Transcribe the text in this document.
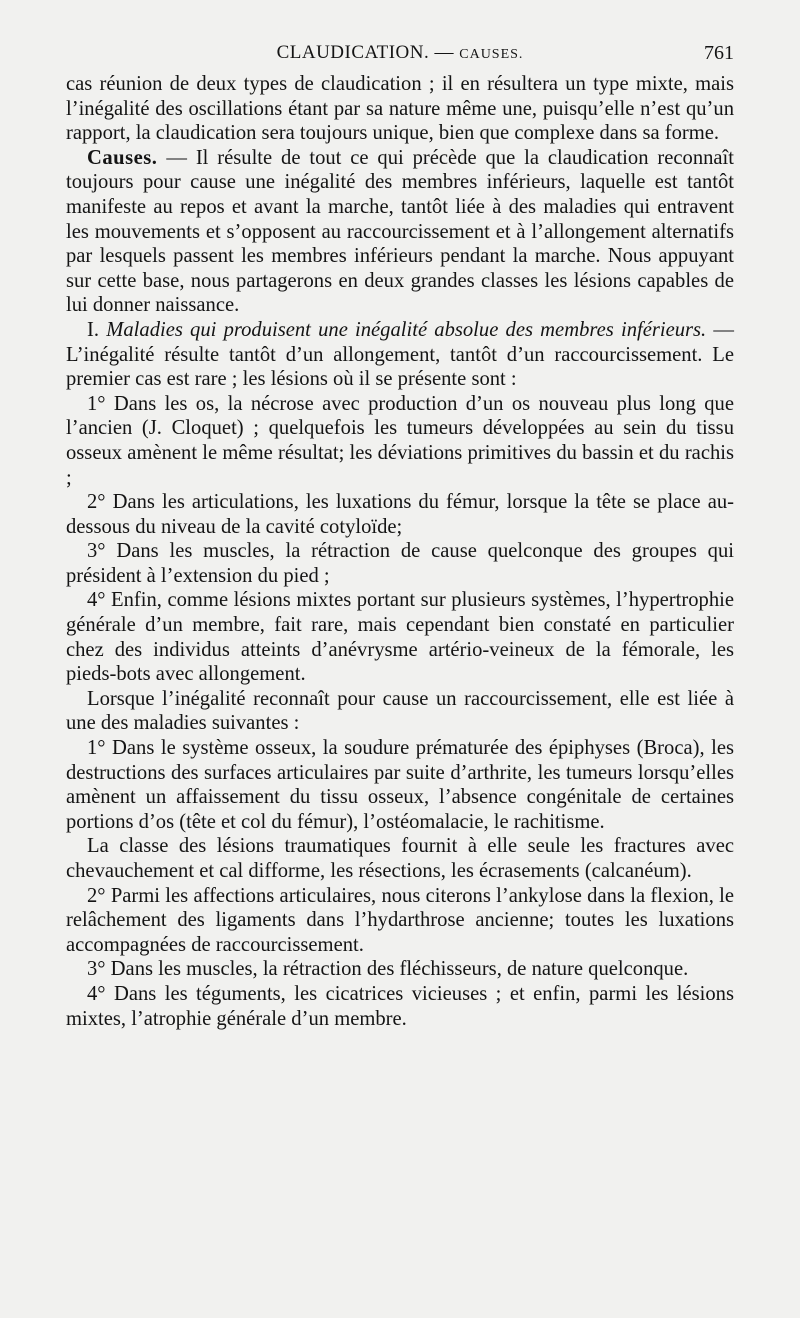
CLAUDICATION. — CAUSES.	761

cas réunion de deux types de claudication ; il en résultera un type mixte, mais l’inégalité des oscillations étant par sa nature même une, puisqu’elle n’est qu’un rapport, la claudication sera toujours unique, bien que complexe dans sa forme.

Causes. — Il résulte de tout ce qui précède que la claudication reconnaît toujours pour cause une inégalité des membres inférieurs, laquelle est tantôt manifeste au repos et avant la marche, tantôt liée à des maladies qui entravent les mouvements et s’opposent au raccourcissement et à l’allongement alternatifs par lesquels passent les membres inférieurs pendant la marche. Nous appuyant sur cette base, nous partagerons en deux grandes classes les lésions capables de lui donner naissance.

I. Maladies qui produisent une inégalité absolue des membres inférieurs. — L’inégalité résulte tantôt d’un allongement, tantôt d’un raccourcissement. Le premier cas est rare ; les lésions où il se présente sont :

1° Dans les os, la nécrose avec production d’un os nouveau plus long que l’ancien (J. Cloquet) ; quelquefois les tumeurs développées au sein du tissu osseux amènent le même résultat; les déviations primitives du bassin et du rachis ;

2° Dans les articulations, les luxations du fémur, lorsque la tête se place au-dessous du niveau de la cavité cotyloïde;

3° Dans les muscles, la rétraction de cause quelconque des groupes qui président à l’extension du pied ;

4° Enfin, comme lésions mixtes portant sur plusieurs systèmes, l’hypertrophie générale d’un membre, fait rare, mais cependant bien constaté en particulier chez des individus atteints d’anévrysme artério-veineux de la fémorale, les pieds-bots avec allongement.

Lorsque l’inégalité reconnaît pour cause un raccourcissement, elle est liée à une des maladies suivantes :

1° Dans le système osseux, la soudure prématurée des épiphyses (Broca), les destructions des surfaces articulaires par suite d’arthrite, les tumeurs lorsqu’elles amènent un affaissement du tissu osseux, l’absence congénitale de certaines portions d’os (tête et col du fémur), l’ostéomalacie, le rachitisme.

La classe des lésions traumatiques fournit à elle seule les fractures avec chevauchement et cal difforme, les résections, les écrasements (calcanéum).

2° Parmi les affections articulaires, nous citerons l’ankylose dans la flexion, le relâchement des ligaments dans l’hydarthrose ancienne; toutes les luxations accompagnées de raccourcissement.

3° Dans les muscles, la rétraction des fléchisseurs, de nature quelconque.

4° Dans les téguments, les cicatrices vicieuses ; et enfin, parmi les lésions mixtes, l’atrophie générale d’un membre.
